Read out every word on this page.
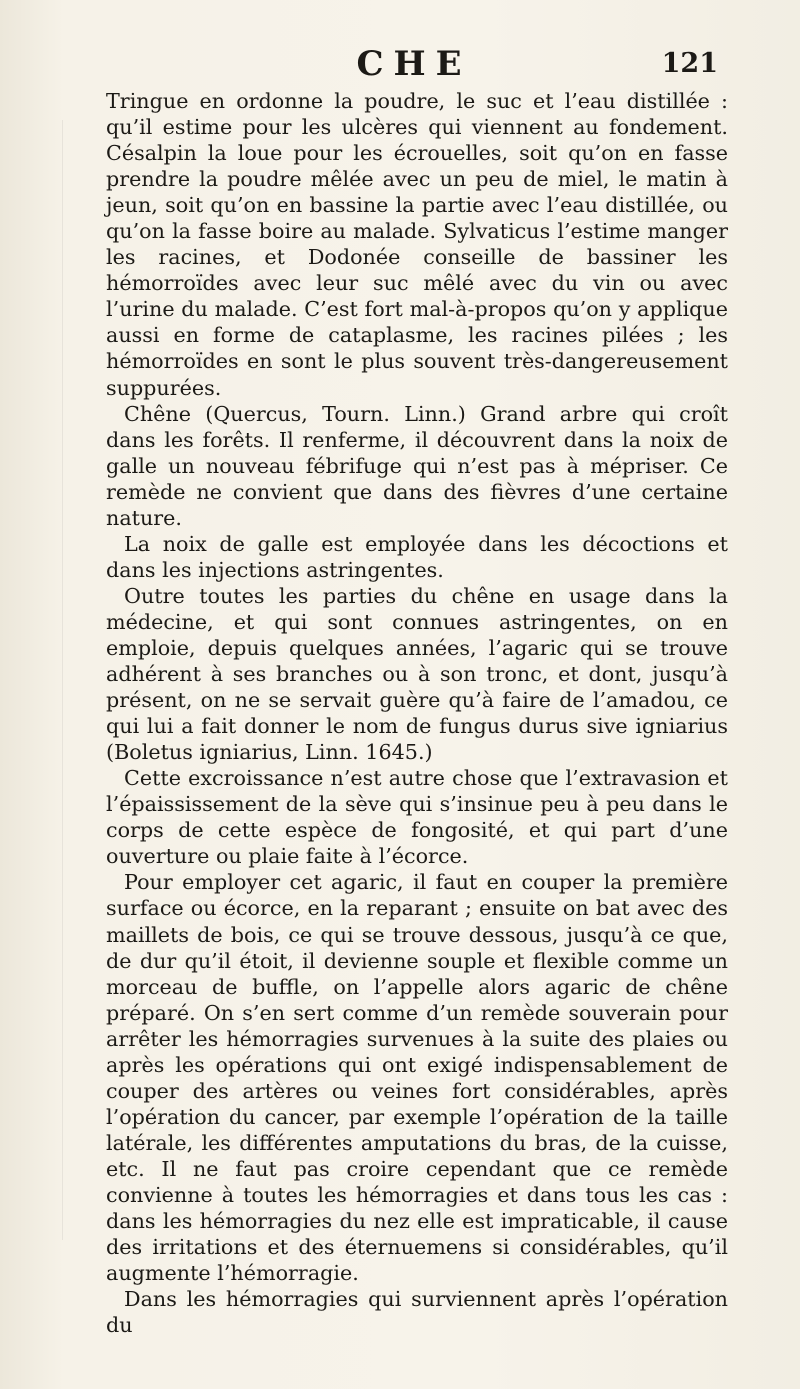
CHE	121

Tringue en ordonne la poudre, le suc et l’eau distillée : qu’il estime pour les ulcères qui viennent au fondement. Césalpin la loue pour les écrouelles, soit qu’on en fasse prendre la poudre mêlée avec un peu de miel, le matin à jeun, soit qu’on en bassine la partie avec l’eau distillée, ou qu’on la fasse boire au malade. Sylvaticus l’estime manger les racines, et Dodonée conseille de bassiner les hémorroïdes avec leur suc mêlé avec du vin ou avec l’urine du malade. C’est fort mal-à-propos qu’on y applique aussi en forme de cataplasme, les racines pilées ; les hémorroïdes en sont le plus souvent très-dangereusement suppurées.

Chêne (Quercus, Tourn. Linn.) Grand arbre qui croît dans les forêts. Il renferme, il découvrent dans la noix de galle un nouveau fébrifuge qui n’est pas à mépriser. Ce remède ne convient que dans des fièvres d’une certaine nature.

La noix de galle est employée dans les décoctions et dans les injections astringentes.

Outre toutes les parties du chêne en usage dans la médecine, et qui sont connues astringentes, on en emploie, depuis quelques années, l’agaric qui se trouve adhérent à ses branches ou à son tronc, et dont, jusqu’à présent, on ne se servait guère qu’à faire de l’amadou, ce qui lui a fait donner le nom de fungus durus sive igniarius (Boletus igniarius, Linn. 1645.)

Cette excroissance n’est autre chose que l’extravasion et l’épaississement de la sève qui s’insinue peu à peu dans le corps de cette espèce de fongosité, et qui part d’une ouverture ou plaie faite à l’écorce.

Pour employer cet agaric, il faut en couper la première surface ou écorce, en la reparant ; ensuite on bat avec des maillets de bois, ce qui se trouve dessous, jusqu’à ce que, de dur qu’il étoit, il devienne souple et flexible comme un morceau de buffle, on l’appelle alors agaric de chêne préparé. On s’en sert comme d’un remède souverain pour arrêter les hémorragies survenues à la suite des plaies ou après les opérations qui ont exigé indispensablement de couper des artères ou veines fort considérables, après l’opération du cancer, par exemple l’opération de la taille latérale, les différentes amputations du bras, de la cuisse, etc. Il ne faut pas croire cependant que ce remède convienne à toutes les hémorragies et dans tous les cas : dans les hémorragies du nez elle est impraticable, il cause des irritations et des éternuemens si considérables, qu’il augmente l’hémorragie.

Dans les hémorragies qui surviennent après l’opération du
